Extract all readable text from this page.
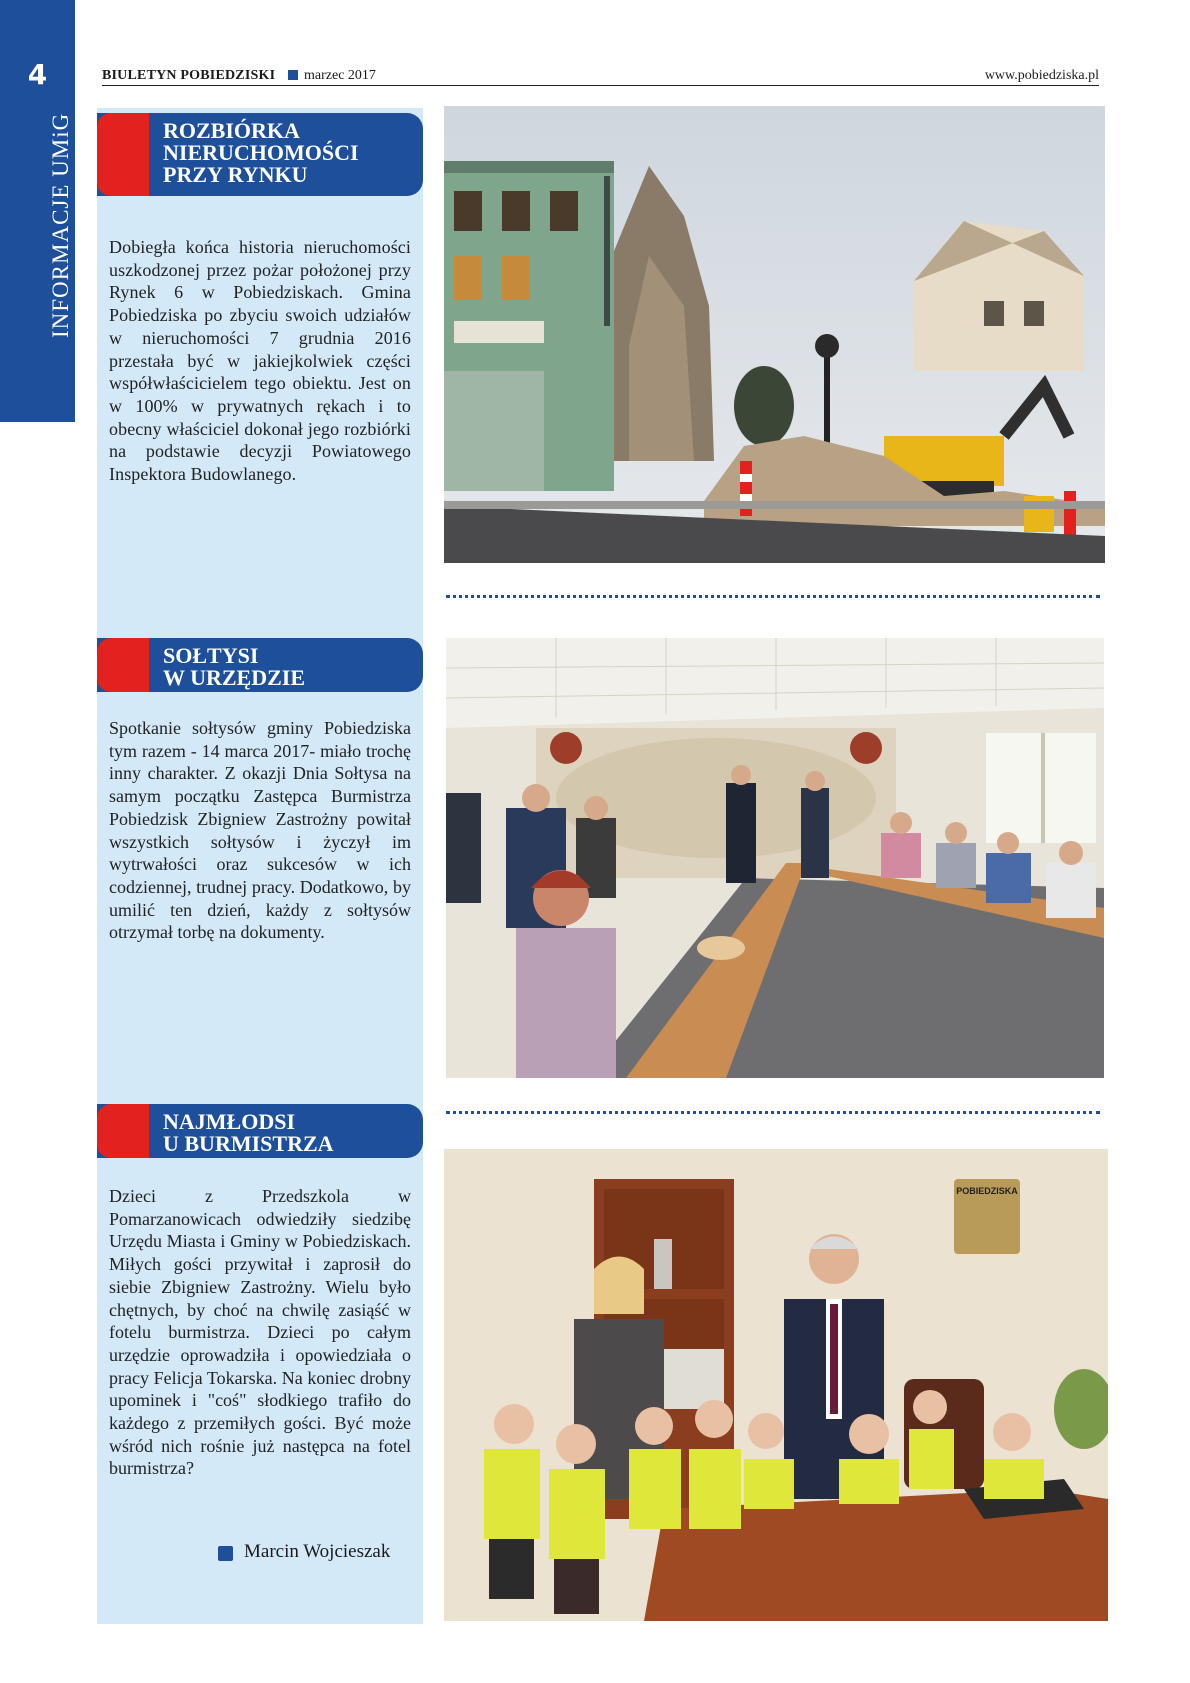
4
INFORMACJE UMiG
BIULETYN POBIEDZISKI marzec 2017	www.pobiedziska.pl
ROZBIÓRKA
NIERUCHOMOŚCI
PRZY RYNKU
Dobiegła końca historia nieruchomości uszkodzonej przez pożar położonej przy Rynek 6 w Pobiedziskach. Gmina Pobiedziska po zbyciu swoich udziałów w nieruchomości 7 grudnia 2016 przestała być w jakiejkolwiek części współwłaścicielem tego obiektu. Jest on w 100% w prywatnych rękach i to obecny właściciel dokonał jego rozbiórki na podstawie decyzji Powiatowego Inspektora Budowlanego.
SOŁTYSI
W URZĘDZIE
Spotkanie sołtysów gminy Pobiedziska tym razem - 14 marca 2017- miało trochę inny charakter. Z okazji Dnia Sołtysa na samym początku Zastępca Burmistrza Pobiedzisk Zbigniew Zastrożny powitał wszystkich sołtysów i życzył im wytrwałości oraz sukcesów w ich codziennej, trudnej pracy. Dodatkowo, by umilić ten dzień, każdy z sołtysów otrzymał torbę na dokumenty.
NAJMŁODSI
U BURMISTRZA
Dzieci z Przedszkola w Pomarzanowicach odwiedziły siedzibę Urzędu Miasta i Gminy w Pobiedziskach. Miłych gości przywitał i zaprosił do siebie Zbigniew Zastrożny. Wielu było chętnych, by choć na chwilę zasiąść w fotelu burmistrza. Dzieci po całym urzędzie oprowadziła i opowiedziała o pracy Felicja Tokarska. Na koniec drobny upominek i "coś" słodkiego trafiło do każdego z przemiłych gości. Być może wśród nich rośnie już następca na fotel burmistrza?
Marcin Wojcieszak
POBIEDZISKA
